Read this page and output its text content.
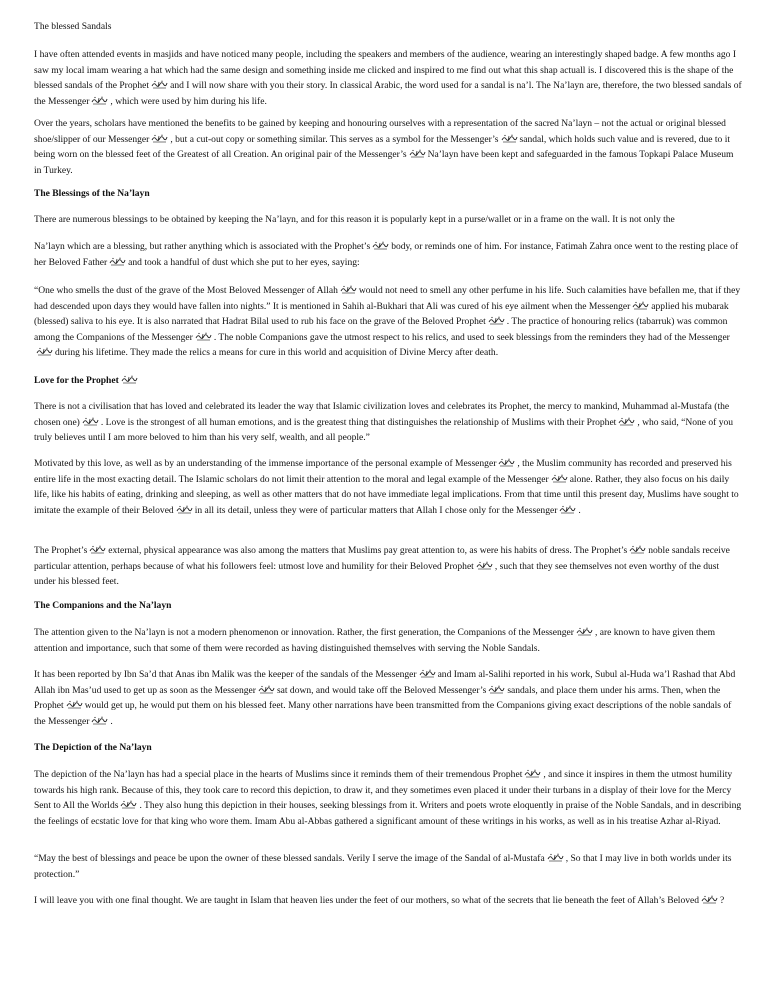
The blessed Sandals

I have often attended events in masjids and have noticed many people, including the speakers and members of the audience, wearing an interestingly shaped badge. A few months ago I saw my local imam wearing a hat which had the same design and something inside me clicked and inspired to me find out what this shap actuall is. I discovered this is the shape of the blessed sandals of the Prophet and I will now share with you their story. In classical Arabic, the word used for a sandal is na’l. The Na’layn are, therefore, the two blessed sandals of the Messenger , which were used by him during his life.

Over the years, scholars have mentioned the benefits to be gained by keeping and honouring ourselves with a representation of the sacred Na’layn – not the actual or original blessed shoe/slipper of our Messenger , but a cut-out copy or something similar. This serves as a symbol for the Messenger’s sandal, which holds such value and is revered, due to it being worn on the blessed feet of the Greatest of all Creation. An original pair of the Messenger’s Na’layn have been kept and safeguarded in the famous Topkapi Palace Museum in Turkey.

The Blessings of the Na’layn

There are numerous blessings to be obtained by keeping the Na’layn, and for this reason it is popularly kept in a purse/wallet or in a frame on the wall. It is not only the

Na’layn which are a blessing, but rather anything which is associated with the Prophet’s body, or reminds one of him. For instance, Fatimah Zahra once went to the resting place of her Beloved Father and took a handful of dust which she put to her eyes, saying:

“One who smells the dust of the grave of the Most Beloved Messenger of Allah would not need to smell any other perfume in his life. Such calamities have befallen me, that if they had descended upon days they would have fallen into nights.” It is mentioned in Sahih al-Bukhari that Ali was cured of his eye ailment when the Messenger applied his mubarak (blessed) saliva to his eye. It is also narrated that Hadrat Bilal used to rub his face on the grave of the Beloved Prophet . The practice of honouring relics (tabarruk) was common among the Companions of the Messenger . The noble Companions gave the utmost respect to his relics, and used to seek blessings from the reminders they had of the Messenger
during his lifetime. They made the relics a means for cure in this world and acquisition of Divine Mercy after death.

Love for the Prophet

There is not a civilisation that has loved and celebrated its leader the way that Islamic civilization loves and celebrates its Prophet, the mercy to mankind, Muhammad al-Mustafa (the chosen one) . Love is the strongest of all human emotions, and is the greatest thing that distinguishes the relationship of Muslims with their Prophet , who said, “None of you truly believes until I am more beloved to him than his very self, wealth, and all people.”

Motivated by this love, as well as by an understanding of the immense importance of the personal example of Messenger , the Muslim community has recorded and preserved his entire life in the most exacting detail. The Islamic scholars do not limit their attention to the moral and legal example of the Messenger alone. Rather, they also focus on his daily life, like his habits of eating, drinking and sleeping, as well as other matters that do not have immediate legal implications. From that time until this present day, Muslims have sought to imitate the example of their Beloved in all its detail, unless they were of particular matters that Allah I chose only for the Messenger .

The Prophet’s external, physical appearance was also among the matters that Muslims pay great attention to, as were his habits of dress. The Prophet’s noble sandals receive particular attention, perhaps because of what his followers feel: utmost love and humility for their Beloved Prophet , such that they see themselves not even worthy of the dust under his blessed feet.

The Companions and the Na’layn

The attention given to the Na’layn is not a modern phenomenon or innovation. Rather, the first generation, the Companions of the Messenger , are known to have given them attention and importance, such that some of them were recorded as having distinguished themselves with serving the Noble Sandals.

It has been reported by Ibn Sa’d that Anas ibn Malik was the keeper of the sandals of the Messenger and Imam al-Salihi reported in his work, Subul al-Huda wa’l Rashad that Abd Allah ibn Mas’ud used to get up as soon as the Messenger sat down, and would take off the Beloved Messenger’s sandals, and place them under his arms. Then, when the Prophet would get up, he would put them on his blessed feet. Many other narrations have been transmitted from the Companions giving exact descriptions of the noble sandals of the Messenger .

The Depiction of the Na’layn

The depiction of the Na’layn has had a special place in the hearts of Muslims since it reminds them of their tremendous Prophet , and since it inspires in them the utmost humility towards his high rank. Because of this, they took care to record this depiction, to draw it, and they sometimes even placed it under their turbans in a display of their love for the Mercy Sent to All the Worlds . They also hung this depiction in their houses, seeking blessings from it. Writers and poets wrote eloquently in praise of the Noble Sandals, and in describing the feelings of ecstatic love for that king who wore them. Imam Abu al-Abbas gathered a significant amount of these writings in his works, as well as in his treatise Azhar al-Riyad.

“May the best of blessings and peace be upon the owner of these blessed sandals. Verily I serve the image of the Sandal of al-Mustafa , So that I may live in both worlds under its protection.”

I will leave you with one final thought. We are taught in Islam that heaven lies under the feet of our mothers, so what of the secrets that lie beneath the feet of Allah’s Beloved ?
